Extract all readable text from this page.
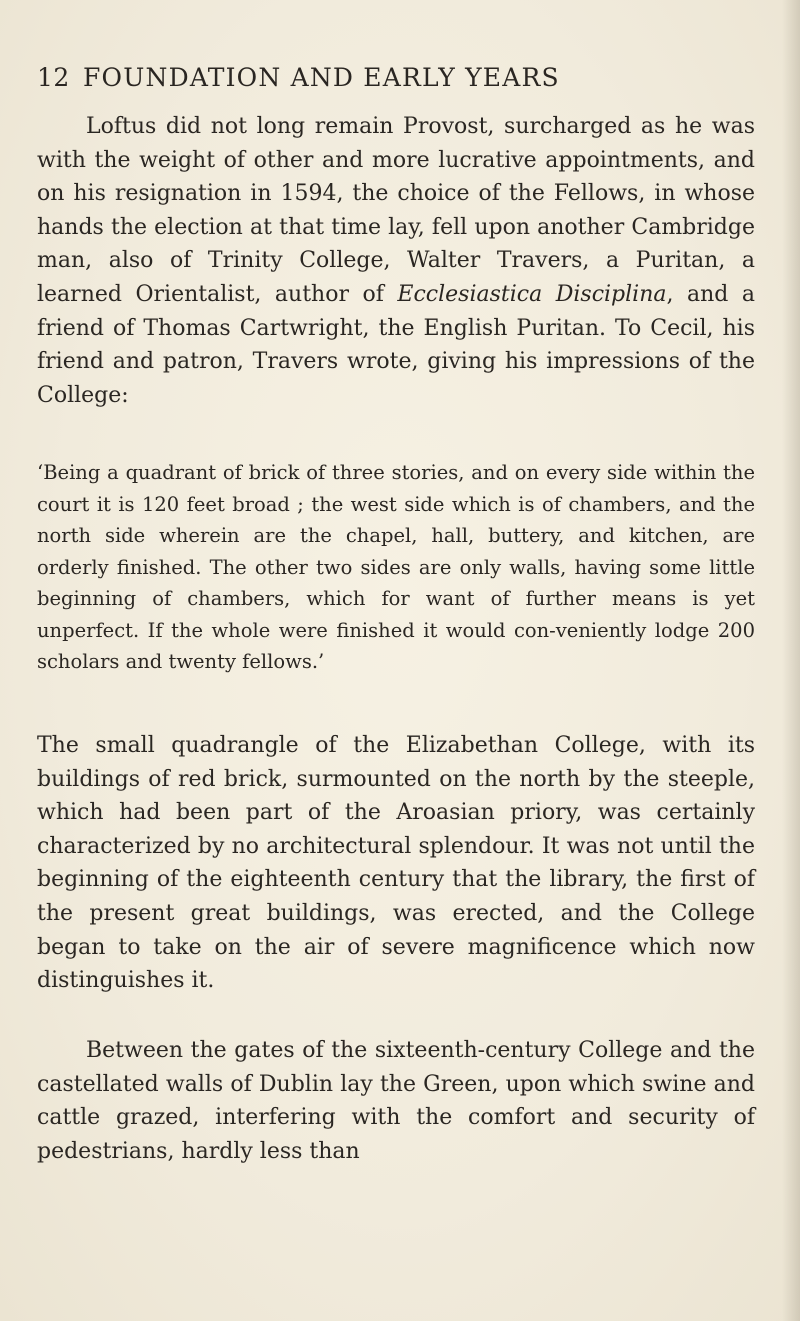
12 FOUNDATION AND EARLY YEARS

Loftus did not long remain Provost, surcharged as he was with the weight of other and more lucrative appointments, and on his resignation in 1594, the choice of the Fellows, in whose hands the election at that time lay, fell upon another Cambridge man, also of Trinity College, Walter Travers, a Puritan, a learned Orientalist, author of Ecclesiastica Disciplina, and a friend of Thomas Cartwright, the English Puritan. To Cecil, his friend and patron, Travers wrote, giving his impressions of the College:

‘Being a quadrant of brick of three stories, and on every side within the court it is 120 feet broad ; the west side which is of chambers, and the north side wherein are the chapel, hall, buttery, and kitchen, are orderly finished. The other two sides are only walls, having some little beginning of chambers, which for want of further means is yet unperfect. If the whole were finished it would con-veniently lodge 200 scholars and twenty fellows.’

The small quadrangle of the Elizabethan College, with its buildings of red brick, surmounted on the north by the steeple, which had been part of the Aroasian priory, was certainly characterized by no architectural splendour. It was not until the beginning of the eighteenth century that the library, the first of the present great buildings, was erected, and the College began to take on the air of severe magnificence which now distinguishes it.

Between the gates of the sixteenth-century College and the castellated walls of Dublin lay the Green, upon which swine and cattle grazed, interfering with the comfort and security of pedestrians, hardly less than
